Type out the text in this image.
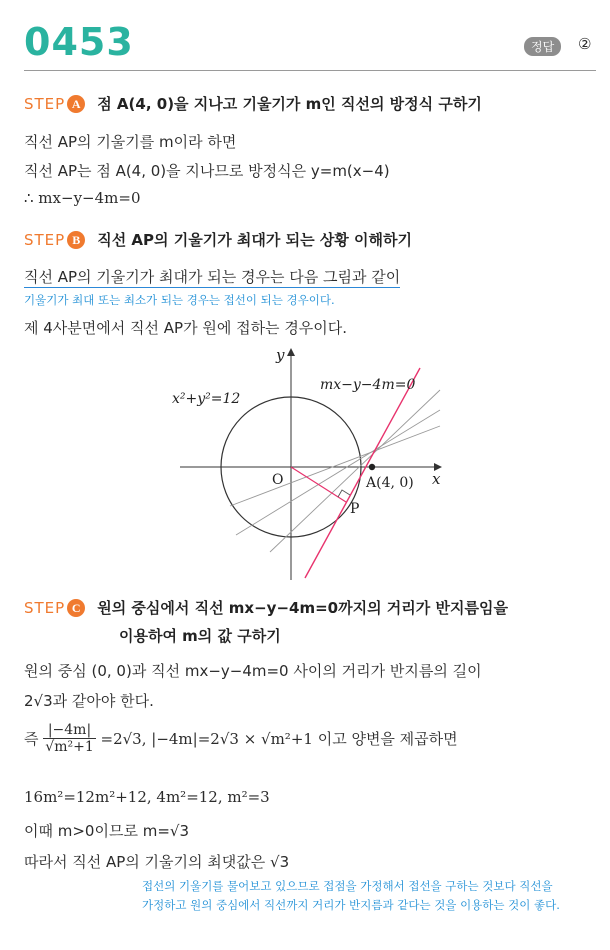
0453	정답	②
STEP A 점 A(4, 0)을 지나고 기울기가 m인 직선의 방정식 구하기
직선 AP의 기울기를 m이라 하면
직선 AP는 점 A(4, 0)을 지나므로 방정식은 y=m(x−4)
∴ mx−y−4m=0
STEP B 직선 AP의 기울기가 최대가 되는 상황 이해하기
직선 AP의 기울기가 최대가 되는 경우는 다음 그림과 같이
기울기가 최대 또는 최소가 되는 경우는 접선이 되는 경우이다.
제 4사분면에서 직선 AP가 원에 접하는 경우이다.
x²+y²=12
mx−y−4m=0
O	A(4, 0)
P
x
y
STEP C 원의 중심에서 직선 mx−y−4m=0까지의 거리가 반지름임을
이용하여 m의 값 구하기
원의 중심 (0, 0)과 직선 mx−y−4m=0 사이의 거리가 반지름의 길이
2√3과 같아야 한다.
즉 $\frac{|-4m|}{\text{√m²+1}} =2√3$, |−4m|=2√3 × √m²+1 이고 양변을 제곱하면
16m²=12m²+12, 4m²=12, m²=3
이때 m>0이므로 m=√3
따라서 직선 AP의 기울기의 최댓값은 √3
접선의 기울기를 물어보고 있으므로 접점을 가정해서 접선을 구하는 것보다 직선을
가정하고 원의 중심에서 직선까지 거리가 반지름과 같다는 것을 이용하는 것이 좋다.
